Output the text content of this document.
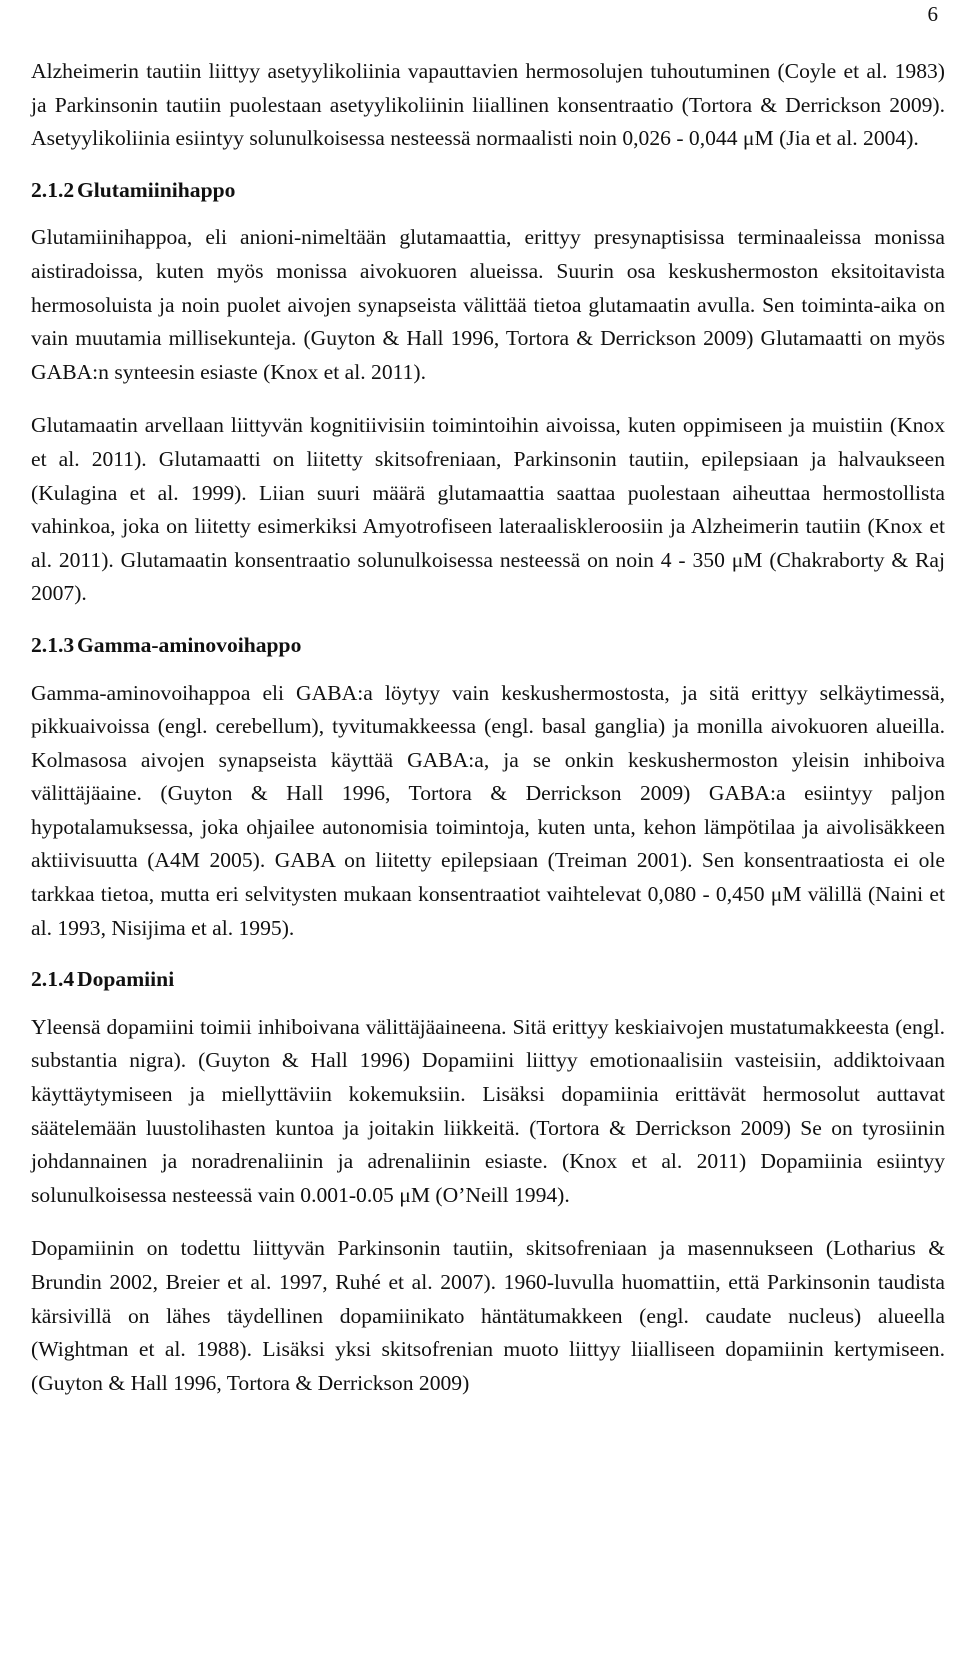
6

Alzheimerin tautiin liittyy asetyylikoliinia vapauttavien hermosolujen tuhoutuminen (Coyle et al. 1983) ja Parkinsonin tautiin puolestaan asetyylikoliinin liiallinen konsentraatio (Tortora & Derrickson 2009). Asetyylikoliinia esiintyy solunulkoisessa nesteessä normaalisti noin 0,026 - 0,044 μM (Jia et al. 2004).

2.1.2 Glutamiinihappo

Glutamiinihappoa, eli anioni-nimeltään glutamaattia, erittyy presynaptisissa terminaaleissa monissa aistiradoissa, kuten myös monissa aivokuoren alueissa. Suurin osa keskushermoston eksitoitavista hermosoluista ja noin puolet aivojen synapseista välittää tietoa glutamaatin avulla. Sen toiminta-aika on vain muutamia millisekunteja. (Guyton & Hall 1996, Tortora & Derrickson 2009) Glutamaatti on myös GABA:n synteesin esiaste (Knox et al. 2011).

Glutamaatin arvellaan liittyvän kognitiivisiin toimintoihin aivoissa, kuten oppimiseen ja muistiin (Knox et al. 2011). Glutamaatti on liitetty skitsofreniaan, Parkinsonin tautiin, epilepsiaan ja halvaukseen (Kulagina et al. 1999). Liian suuri määrä glutamaattia saattaa puolestaan aiheuttaa hermostollista vahinkoa, joka on liitetty esimerkiksi Amyotrofiseen lateraaliskleroosiin ja Alzheimerin tautiin (Knox et al. 2011). Glutamaatin konsentraatio solunulkoisessa nesteessä on noin 4 - 350 μM (Chakraborty & Raj 2007).

2.1.3 Gamma-aminovoihappo

Gamma-aminovoihappoa eli GABA:a löytyy vain keskushermostosta, ja sitä erittyy selkäytimessä, pikkuaivoissa (engl. cerebellum), tyvitumakkeessa (engl. basal ganglia) ja monilla aivokuoren alueilla. Kolmasosa aivojen synapseista käyttää GABA:a, ja se onkin keskushermoston yleisin inhiboiva välittäjäaine. (Guyton & Hall 1996, Tortora & Derrickson 2009) GABA:a esiintyy paljon hypotalamuksessa, joka ohjailee autonomisia toimintoja, kuten unta, kehon lämpötilaa ja aivolisäkkeen aktiivisuutta (A4M 2005). GABA on liitetty epilepsiaan (Treiman 2001). Sen konsentraatiosta ei ole tarkkaa tietoa, mutta eri selvitysten mukaan konsentraatiot vaihtelevat 0,080 - 0,450 μM välillä (Naini et al. 1993, Nisijima et al. 1995).

2.1.4 Dopamiini

Yleensä dopamiini toimii inhiboivana välittäjäaineena. Sitä erittyy keskiaivojen mustatumakkeesta (engl. substantia nigra). (Guyton & Hall 1996) Dopamiini liittyy emotionaalisiin vasteisiin, addiktoivaan käyttäytymiseen ja miellyttäviin kokemuksiin. Lisäksi dopamiinia erittävät hermosolut auttavat säätelemään luustolihasten kuntoa ja joitakin liikkeitä. (Tortora & Derrickson 2009) Se on tyrosiinin johdannainen ja noradrenaliinin ja adrenaliinin esiaste. (Knox et al. 2011) Dopamiinia esiintyy solunulkoisessa nesteessä vain 0.001-0.05 μM (O’Neill 1994).

Dopamiinin on todettu liittyvän Parkinsonin tautiin, skitsofreniaan ja masennukseen (Lotharius & Brundin 2002, Breier et al. 1997, Ruhé et al. 2007). 1960-luvulla huomattiin, että Parkinsonin taudista kärsivillä on lähes täydellinen dopamiinikato häntätumakkeen (engl. caudate nucleus) alueella (Wightman et al. 1988). Lisäksi yksi skitsofrenian muoto liittyy liialliseen dopamiinin kertymiseen. (Guyton & Hall 1996, Tortora & Derrickson 2009)
